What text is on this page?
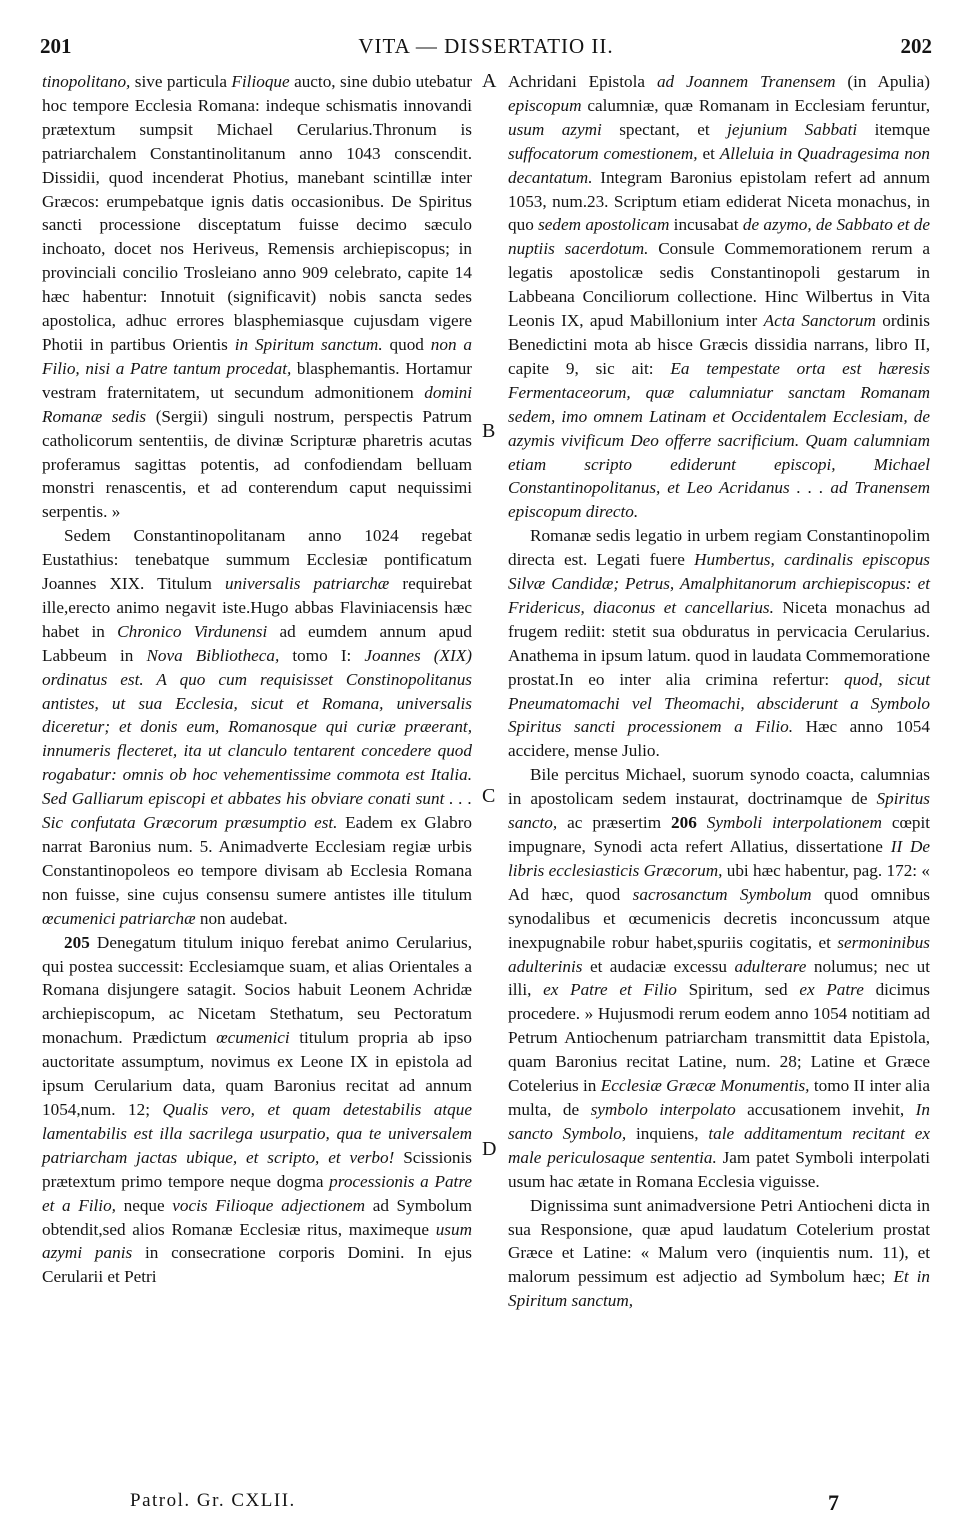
201	VITA — DISSERTATIO II.	202
A
B
C
D

tinopolitano, sive particula Filioque aucto, sine dubio utebatur hoc tempore Ecclesia Romana: indeque schismatis innovandi prætextum sumpsit Michael Cerularius.Thronum is patriarchalem Constantinolitanum anno 1043 conscendit. Dissidii, quod incenderat Photius, manebant scintillæ inter Græcos: erumpebatque ignis datis occasionibus. De Spiritus sancti processione disceptatum fuisse decimo sæculo inchoato, docet nos Heriveus, Remensis archiepiscopus; in provinciali concilio Trosleiano anno 909 celebrato, capite 14 hæc habentur: Innotuit (significavit) nobis sancta sedes apostolica, adhuc errores blasphemiasque cujusdam vigere Photii in partibus Orientis in Spiritum sanctum. quod non a Filio, nisi a Patre tantum procedat, blasphemantis. Hortamur vestram fraternitatem, ut secundum admonitionem domini Romanæ sedis (Sergii) singuli nostrum, perspectis Patrum catholicorum sententiis, de divinæ Scripturæ pharetris acutas proferamus sagittas potentis, ad confodiendam belluam monstri renascentis, et ad conterendum caput nequissimi serpentis. »

Sedem Constantinopolitanam anno 1024 regebat Eustathius: tenebatque summum Ecclesiæ pontificatum Joannes XIX. Titulum universalis patriarchæ requirebat ille,erecto animo negavit iste.Hugo abbas Flaviniacensis hæc habet in Chronico Virdunensi ad eumdem annum apud Labbeum in Nova Bibliotheca, tomo I: Joannes (XIX) ordinatus est. A quo cum requisisset Constinopolitanus antistes, ut sua Ecclesia, sicut et Romana, universalis diceretur; et donis eum, Romanosque qui curiæ præerant, innumeris flecteret, ita ut clanculo tentarent concedere quod rogabatur: omnis ob hoc vehementissime commota est Italia. Sed Galliarum episcopi et abbates his obviare conati sunt . . . Sic confutata Græcorum præsumptio est. Eadem ex Glabro narrat Baronius num. 5. Animadverte Ecclesiam regiæ urbis Constantinopoleos eo tempore divisam ab Ecclesia Romana non fuisse, sine cujus consensu sumere antistes ille titulum œcumenici patriarchæ non audebat.

205 Denegatum titulum iniquo ferebat animo Cerularius, qui postea successit: Ecclesiamque suam, et alias Orientales a Romana disjungere satagit. Socios habuit Leonem Achridæ archiepiscopum, ac Nicetam Stethatum, seu Pectoratum monachum. Prædictum œcumenici titulum propria ab ipso auctoritate assumptum, novimus ex Leone IX in epistola ad ipsum Cerularium data, quam Baronius recitat ad annum 1054,num. 12; Qualis vero, et quam detestabilis atque lamentabilis est illa sacrilega usurpatio, qua te universalem patriarcham jactas ubique, et scripto, et verbo! Scissionis prætextum primo tempore neque dogma processionis a Patre et a Filio, neque vocis Filioque adjectionem ad Symbolum obtendit,sed alios Romanæ Ecclesiæ ritus, maximeque usum azymi panis in consecratione corporis Domini. In ejus Cerularii et Petri

Achridani Epistola ad Joannem Tranensem (in Apulia) episcopum calumniæ, quæ Romanam in Ecclesiam feruntur, usum azymi spectant, et jejunium Sabbati itemque suffocatorum comestionem, et Alleluia in Quadragesima non decantatum. Integram Baronius epistolam refert ad annum 1053, num.23. Scriptum etiam ediderat Niceta monachus, in quo sedem apostolicam incusabat de azymo, de Sabbato et de nuptiis sacerdotum. Consule Commemorationem rerum a legatis apostolicæ sedis Constantinopoli gestarum in Labbeana Conciliorum collectione. Hinc Wilbertus in Vita Leonis IX, apud Mabillonium inter Acta Sanctorum ordinis Benedictini mota ab hisce Græcis dissidia narrans, libro II, capite 9, sic ait: Ea tempestate orta est hæresis Fermentaceorum, quæ calumniatur sanctam Romanam sedem, imo omnem Latinam et Occidentalem Ecclesiam, de azymis vivificum Deo offerre sacrificium. Quam calumniam etiam scripto ediderunt episcopi, Michael Constantinopolitanus, et Leo Acridanus . . . ad Tranensem episcopum directo.

Romanæ sedis legatio in urbem regiam Constantinopolim directa est. Legati fuere Humbertus, cardinalis episcopus Silvæ Candidæ; Petrus, Amalphitanorum archiepiscopus: et Fridericus, diaconus et cancellarius. Niceta monachus ad frugem rediit: stetit sua obduratus in pervicacia Cerularius. Anathema in ipsum latum. quod in laudata Commemoratione prostat.In eo inter alia crimina refertur: quod, sicut Pneumatomachi vel Theomachi, absciderunt a Symbolo Spiritus sancti processionem a Filio. Hæc anno 1054 accidere, mense Julio.

Bile percitus Michael, suorum synodo coacta, calumnias in apostolicam sedem instaurat, doctrinamque de Spiritus sancto, ac præsertim 206 Symboli interpolationem cœpit impugnare, Synodi acta refert Allatius, dissertatione II De libris ecclesiasticis Græcorum, ubi hæc habentur, pag. 172: « Ad hæc, quod sacrosanctum Symbolum quod omnibus synodalibus et œcumenicis decretis inconcussum atque inexpugnabile robur habet,spuriis cogitatis, et sermoninibus adulterinis et audaciæ excessu adulterare nolumus; nec ut illi, ex Patre et Filio Spiritum, sed ex Patre dicimus procedere. » Hujusmodi rerum eodem anno 1054 notitiam ad Petrum Antiochenum patriarcham transmittit data Epistola, quam Baronius recitat Latine, num. 28; Latine et Græce Cotelerius in Ecclesiæ Græcæ Monumentis, tomo II inter alia multa, de symbolo interpolato accusationem invehit, In sancto Symbolo, inquiens, tale additamentum recitant ex male periculosaque sententia. Jam patet Symboli interpolati usum hac ætate in Romana Ecclesia viguisse.

Dignissima sunt animadversione Petri Antiocheni dicta in sua Responsione, quæ apud laudatum Cotelerium prostat Græce et Latine: « Malum vero (inquientis num. 11), et malorum pessimum est adjectio ad Symbolum hæc; Et in Spiritum sanctum,

Patrol. Gr. CXLII.	7
